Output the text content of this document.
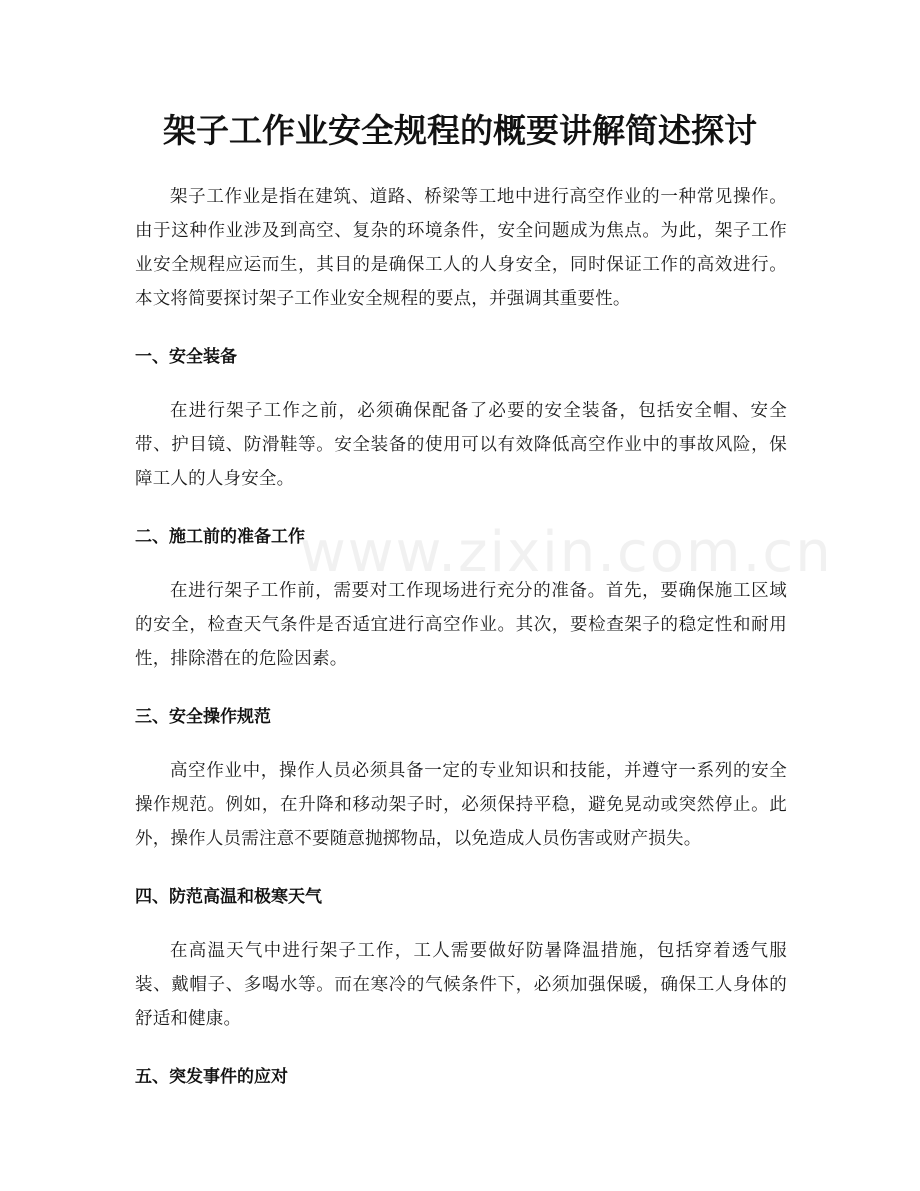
架子工作业安全规程的概要讲解简述探讨

架子工作业是指在建筑、道路、桥梁等工地中进行高空作业的一种常见操作。由于这种作业涉及到高空、复杂的环境条件，安全问题成为焦点。为此，架子工作业安全规程应运而生，其目的是确保工人的人身安全，同时保证工作的高效进行。本文将简要探讨架子工作业安全规程的要点，并强调其重要性。

一、安全装备

在进行架子工作之前，必须确保配备了必要的安全装备，包括安全帽、安全带、护目镜、防滑鞋等。安全装备的使用可以有效降低高空作业中的事故风险，保障工人的人身安全。

二、施工前的准备工作

在进行架子工作前，需要对工作现场进行充分的准备。首先，要确保施工区域的安全，检查天气条件是否适宜进行高空作业。其次，要检查架子的稳定性和耐用性，排除潜在的危险因素。

三、安全操作规范

高空作业中，操作人员必须具备一定的专业知识和技能，并遵守一系列的安全操作规范。例如，在升降和移动架子时，必须保持平稳，避免晃动或突然停止。此外，操作人员需注意不要随意抛掷物品，以免造成人员伤害或财产损失。

四、防范高温和极寒天气

在高温天气中进行架子工作，工人需要做好防暑降温措施，包括穿着透气服装、戴帽子、多喝水等。而在寒冷的气候条件下，必须加强保暖，确保工人身体的舒适和健康。

五、突发事件的应对
www.zixin.com.cn
